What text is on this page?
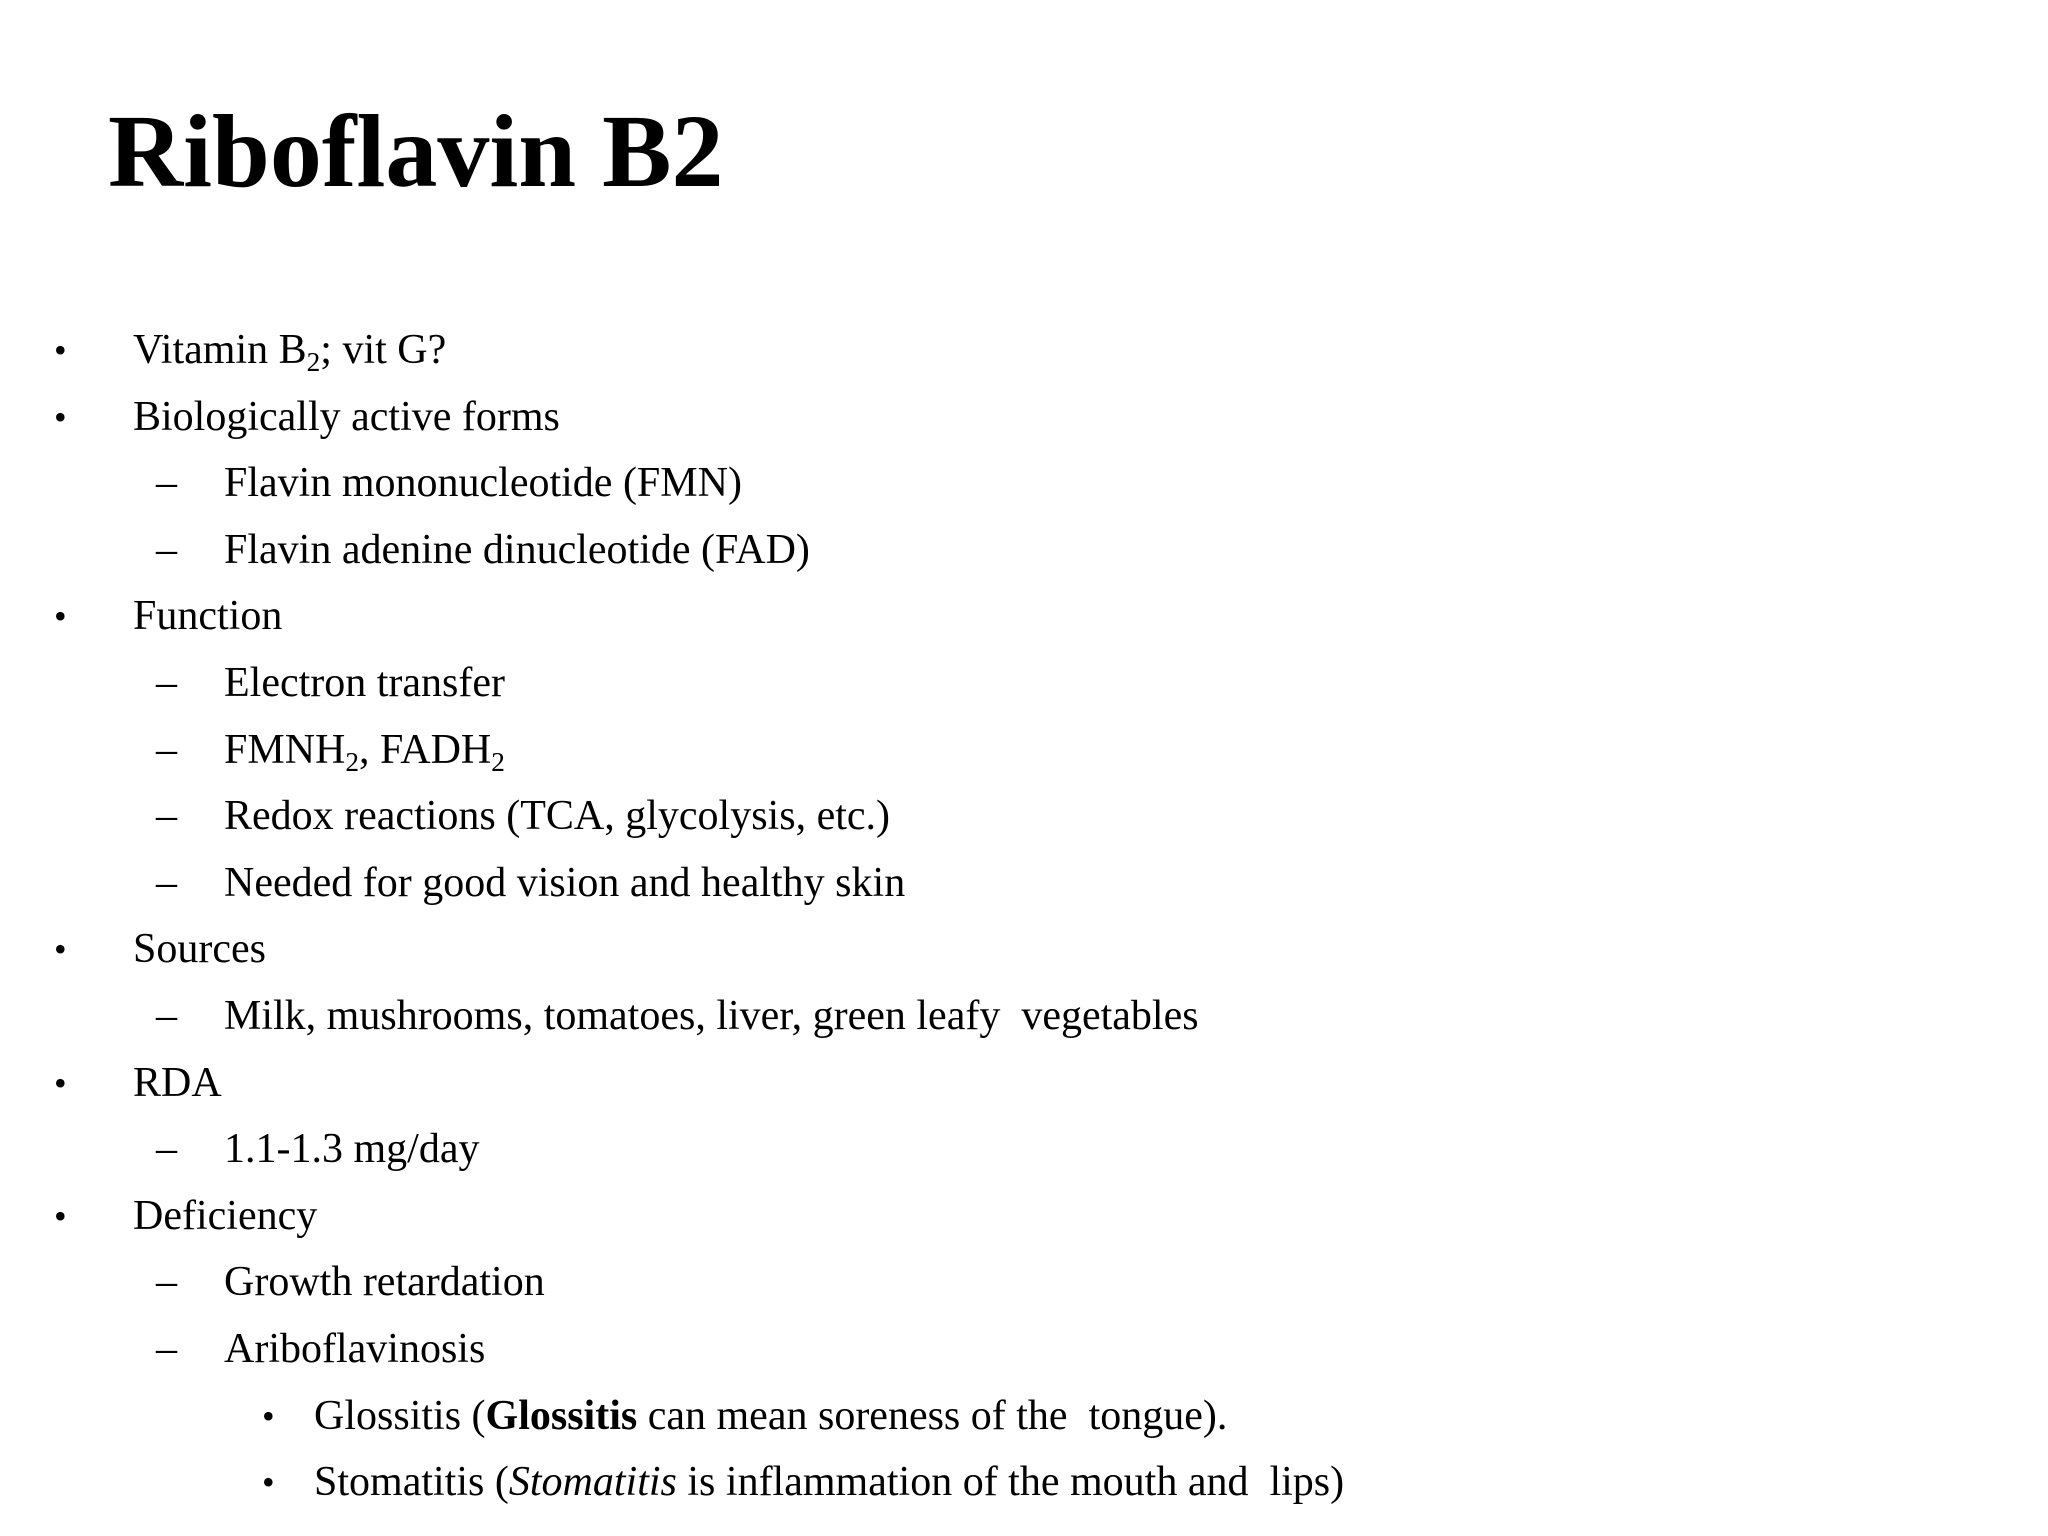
Riboflavin B2
• Vitamin $B_2$; vit G?
• Biologically active forms
– Flavin mononucleotide (FMN)
– Flavin adenine dinucleotide (FAD)
• Function
– Electron transfer
– $FMNH_2$, $FADH_2$
– Redox reactions (TCA, glycolysis, etc.)
– Needed for good vision and healthy skin
• Sources
– Milk, mushrooms, tomatoes, liver, green leafy  vegetables
• RDA
– 1.1-1.3 mg/day
• Deficiency
– Growth retardation
– Ariboflavinosis
• Glossitis (Glossitis can mean soreness of the  tongue).
• Stomatitis (Stomatitis is inflammation of the mouth and  lips)
